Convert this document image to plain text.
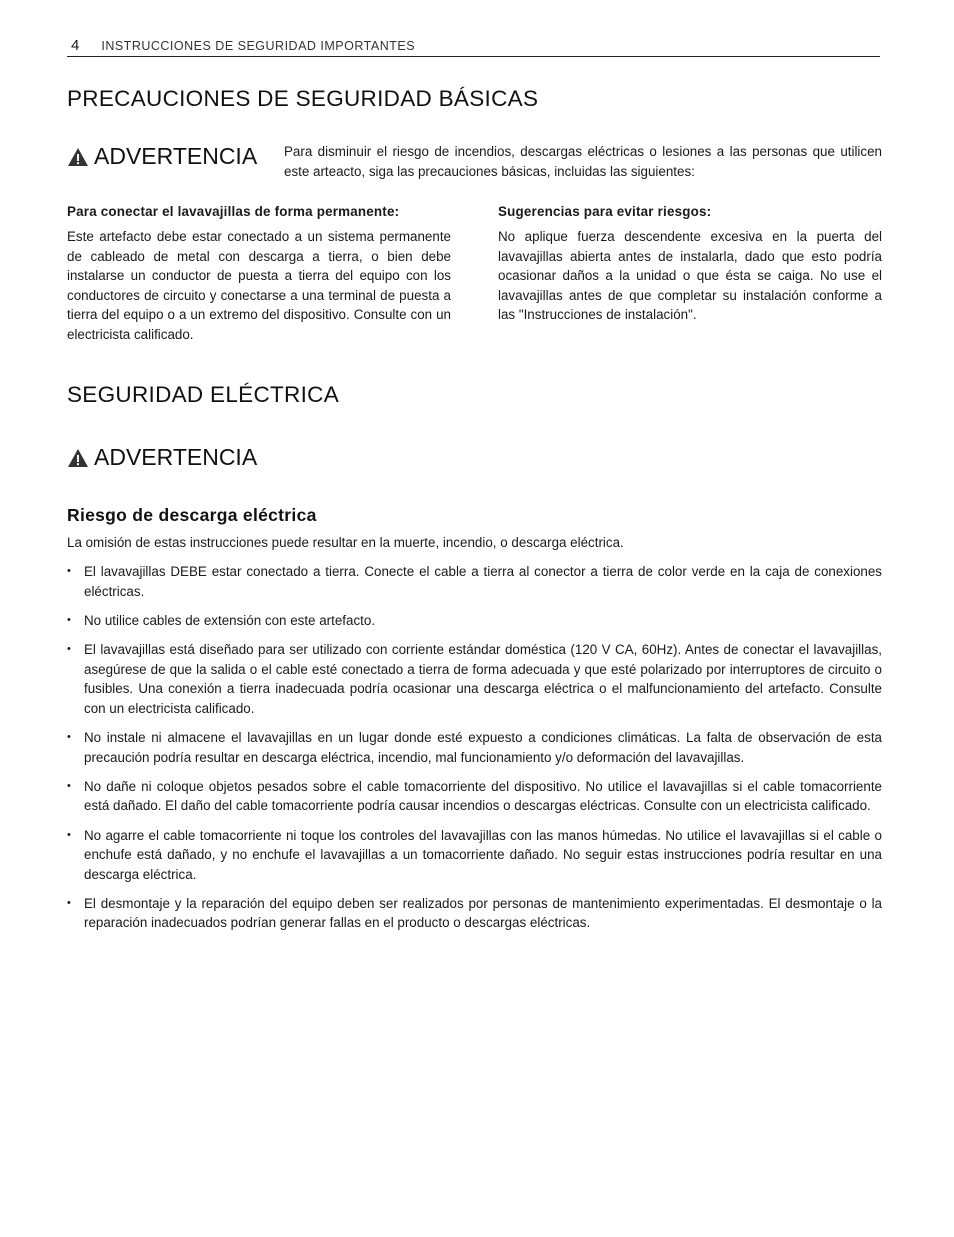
4 INSTRUCCIONES DE SEGURIDAD IMPORTANTES
PRECAUCIONES DE SEGURIDAD BÁSICAS
ADVERTENCIA Para disminuir el riesgo de incendios, descargas eléctricas o lesiones a las personas que utilicen este arteacto, siga las precauciones básicas, incluidas las siguientes:

Para conectar el lavavajillas de forma permanente:

Este artefacto debe estar conectado a un sistema permanente de cableado de metal con descarga a tierra, o bien debe instalarse un conductor de puesta a tierra del equipo con los conductores de circuito y conectarse a una terminal de puesta a tierra del equipo o a un extremo del dispositivo. Consulte con un electricista calificado.

Sugerencias para evitar riesgos:

No aplique fuerza descendente excesiva en la puerta del lavavajillas abierta antes de instalarla, dado que esto podría ocasionar daños a la unidad o que ésta se caiga. No use el lavavajillas antes de que completar su instalación conforme a las "Instrucciones de instalación".

SEGURIDAD ELÉCTRICA
ADVERTENCIA
Riesgo de descarga eléctrica

La omisión de estas instrucciones puede resultar en la muerte, incendio, o descarga eléctrica.

• El lavavajillas DEBE estar conectado a tierra. Conecte el cable a tierra al conector a tierra de color verde en la caja de conexiones eléctricas.
• No utilice cables de extensión con este artefacto.
• El lavavajillas está diseñado para ser utilizado con corriente estándar doméstica (120 V CA, 60Hz). Antes de conectar el lavavajillas, asegúrese de que la salida o el cable esté conectado a tierra de forma adecuada y que esté polarizado por interruptores de circuito o fusibles. Una conexión a tierra inadecuada podría ocasionar una descarga eléctrica o el malfuncionamiento del artefacto. Consulte con un electricista calificado.
• No instale ni almacene el lavavajillas en un lugar donde esté expuesto a condiciones climáticas. La falta de observación de esta precaución podría resultar en descarga eléctrica, incendio, mal funcionamiento y/o deformación del lavavajillas.
• No dañe ni coloque objetos pesados sobre el cable tomacorriente del dispositivo. No utilice el lavavajillas si el cable tomacorriente está dañado. El daño del cable tomacorriente podría causar incendios o descargas eléctricas. Consulte con un electricista calificado.
• No agarre el cable tomacorriente ni toque los controles del lavavajillas con las manos húmedas. No utilice el lavavajillas si el cable o enchufe está dañado, y no enchufe el lavavajillas a un tomacorriente dañado. No seguir estas instrucciones podría resultar en una descarga eléctrica.
• El desmontaje y la reparación del equipo deben ser realizados por personas de mantenimiento experimentadas. El desmontaje o la reparación inadecuados podrían generar fallas en el producto o descargas eléctricas.
